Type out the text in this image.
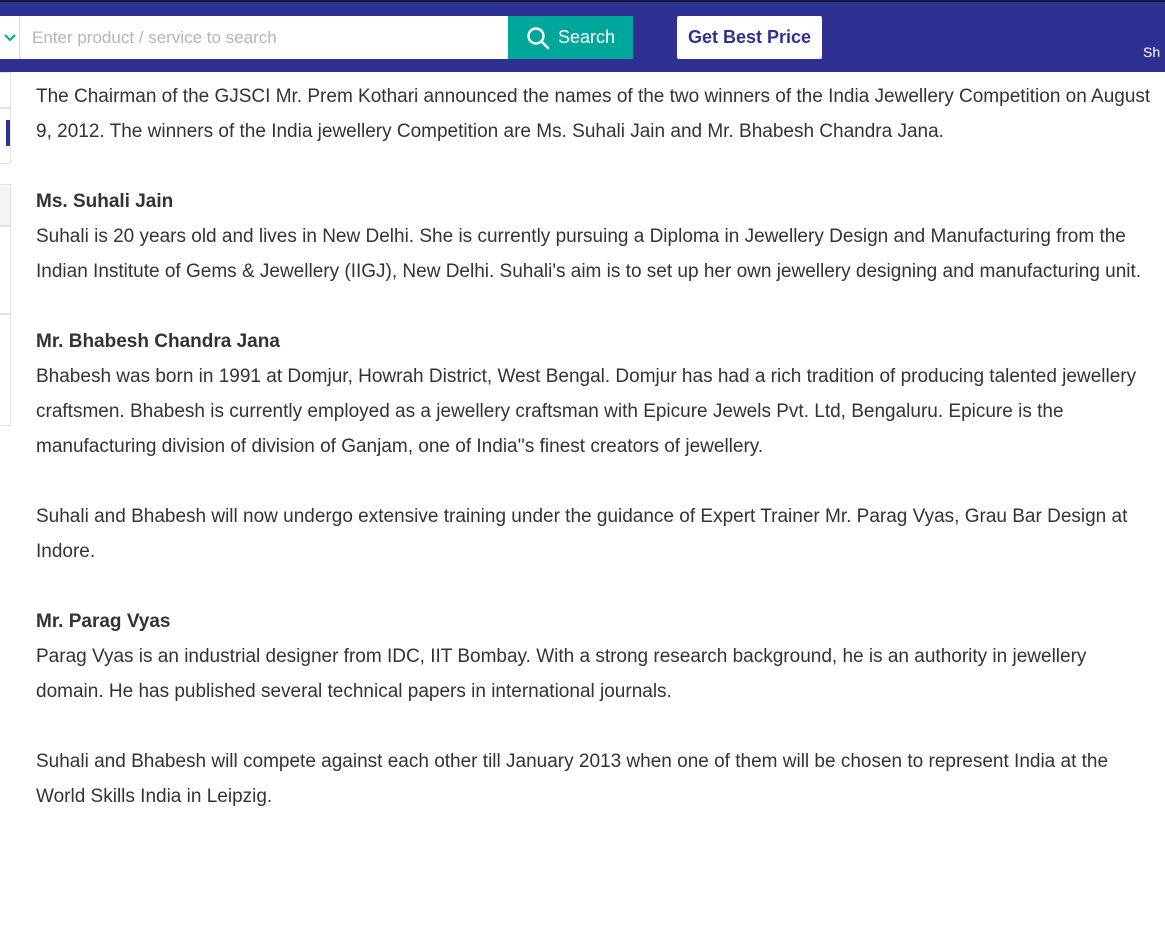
Enter product / service to search
Search	Get Best Price
Sh

The Chairman of the GJSCI Mr. Prem Kothari announced the names of the two winners of the India Jewellery Competition on August 9, 2012. The winners of the India jewellery Competition are Ms. Suhali Jain and Mr. Bhabesh Chandra Jana.

Ms. Suhali Jain
Suhali is 20 years old and lives in New Delhi. She is currently pursuing a Diploma in Jewellery Design and Manufacturing from the Indian Institute of Gems & Jewellery (IIGJ), New Delhi. Suhali's aim is to set up her own jewellery designing and manufacturing unit.

Mr. Bhabesh Chandra Jana
Bhabesh was born in 1991 at Domjur, Howrah District, West Bengal. Domjur has had a rich tradition of producing talented jewellery craftsmen. Bhabesh is currently employed as a jewellery craftsman with Epicure Jewels Pvt. Ltd, Bengaluru. Epicure is the manufacturing division of division of Ganjam, one of India''s finest creators of jewellery.

Suhali and Bhabesh will now undergo extensive training under the guidance of Expert Trainer Mr. Parag Vyas, Grau Bar Design at Indore.

Mr. Parag Vyas
Parag Vyas is an industrial designer from IDC, IIT Bombay. With a strong research background, he is an authority in jewellery domain. He has published several technical papers in international journals.

Suhali and Bhabesh will compete against each other till January 2013 when one of them will be chosen to represent India at the World Skills India in Leipzig.
